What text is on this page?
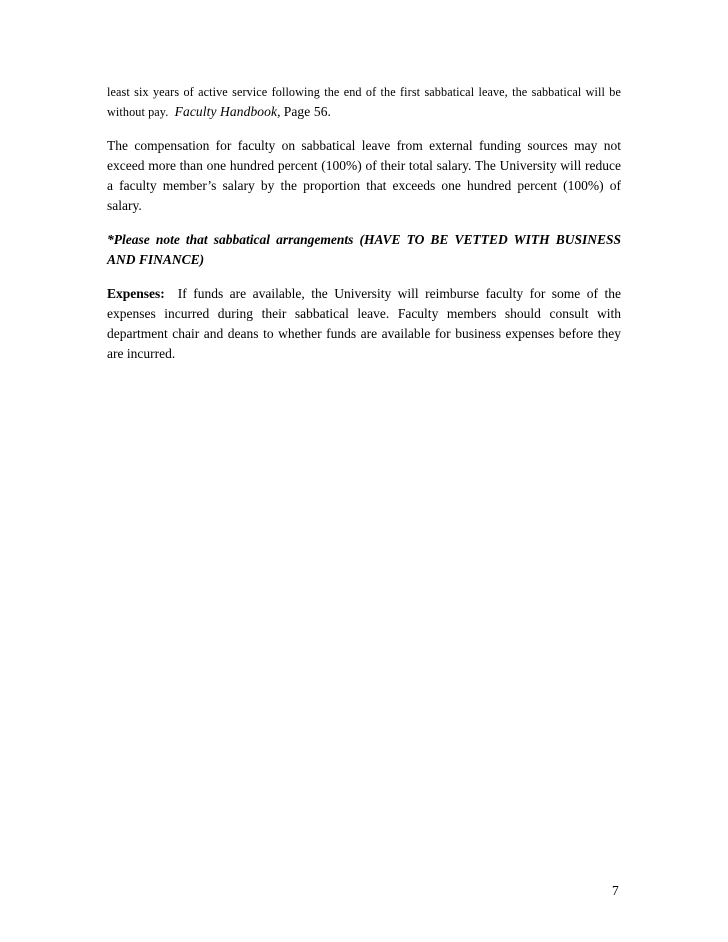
least six years of active service following the end of the first sabbatical leave, the sabbatical will be without pay. Faculty Handbook, Page 56.

The compensation for faculty on sabbatical leave from external funding sources may not exceed more than one hundred percent (100%) of their total salary. The University will reduce a faculty member’s salary by the proportion that exceeds one hundred percent (100%) of salary.

*Please note that sabbatical arrangements (HAVE TO BE VETTED WITH BUSINESS AND FINANCE)

Expenses: If funds are available, the University will reimburse faculty for some of the expenses incurred during their sabbatical leave. Faculty members should consult with department chair and deans to whether funds are available for business expenses before they are incurred.

7
